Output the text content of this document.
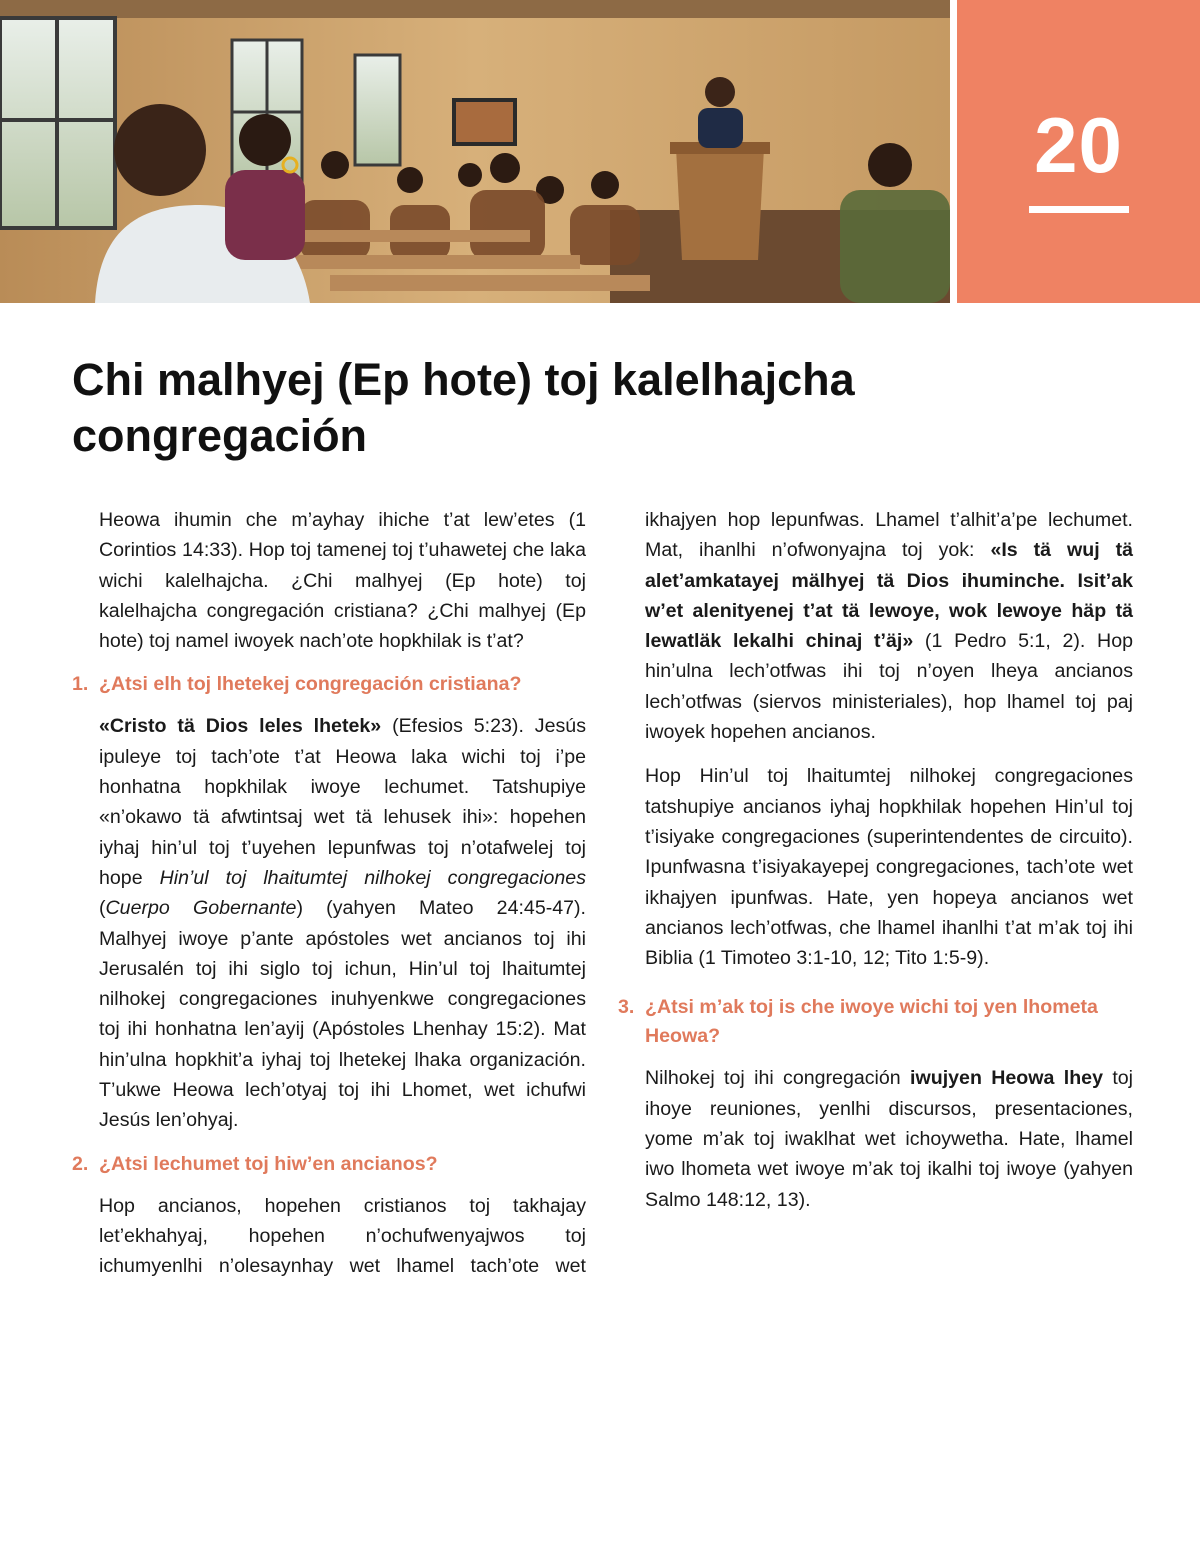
20
Chi malhyej (Ep hote) toj kalelhajcha congregación

Heowa ihumin che m’ayhay ihiche t’at lew’etes (1 Corintios 14:33). Hop toj tamenej toj t’uhawetej che laka wichi kalelhajcha. ¿Chi malhyej (Ep hote) toj kalelhajcha congregación cristiana? ¿Chi malhyej (Ep hote) toj namel iwoyek nach’ote hopkhilak is t’at?

1. ¿Atsi elh toj lhetekej congregación cristiana?

«Cristo tä Dios leles lhetek» (Efesios 5:23). Jesús ipuleye toj tach’ote t’at Heowa laka wichi toj i’pe honhatna hopkhilak iwoye lechumet. Tatshupiye «n’okawo tä afwtintsaj wet tä lehusek ihi»: hopehen iyhaj hin’ul toj t’uyehen lepunfwas toj n’otafwelej toj hope Hin’ul toj lhaitumtej nilhokej congregaciones (Cuerpo Gobernante) (yahyen Mateo 24:45-47). Malhyej iwoye p’ante apóstoles wet ancianos toj ihi Jerusalén toj ihi siglo toj ichun, Hin’ul toj lhaitumtej nilhokej congregaciones inuhyenkwe congregaciones toj ihi honhatna len’ayij (Apóstoles Lhenhay 15:2). Mat hin’ulna hopkhit’a iyhaj toj lhetekej lhaka organización. T’ukwe Heowa lech’otyaj toj ihi Lhomet, wet ichufwi Jesús len’ohyaj.

2. ¿Atsi lechumet toj hiw’en ancianos?

Hop ancianos, hopehen cristianos toj takhajay let’ekhahyaj, hopehen n’ochufwenyajwos toj ichumyenlhi n’olesaynhay wet lhamel tach’ote wet

ikhajyen hop lepunfwas. Lhamel t’alhit’a’pe lechumet. Mat, ihanlhi n’ofwonyajna toj yok: «Is tä wuj tä alet’amkatayej mälhyej tä Dios ihuminche. Isit’ak w’et alenityenej t’at tä lewoye, wok lewoye häp tä lewatläk lekalhi chinaj t’äj» (1 Pedro 5:1, 2). Hop hin’ulna lech’otfwas ihi toj n’oyen lheya ancianos lech’otfwas (siervos ministeriales), hop lhamel toj paj iwoyek hopehen ancianos.

Hop Hin’ul toj lhaitumtej nilhokej congregaciones tatshupiye ancianos iyhaj hopkhilak hopehen Hin’ul toj t’isiyake congregaciones (superintendentes de circuito). Ipunfwasna t’isiyakayepej congregaciones, tach’ote wet ikhajyen ipunfwas. Hate, yen hopeya ancianos wet ancianos lech’otfwas, che lhamel ihanlhi t’at m’ak toj ihi Biblia (1 Timoteo 3:1-10, 12; Tito 1:5-9).

3. ¿Atsi m’ak toj is che iwoye wichi toj yen lhometa Heowa?

Nilhokej toj ihi congregación iwujyen Heowa lhey toj ihoye reuniones, yenlhi discursos, presentaciones, yome m’ak toj iwaklhat wet ichoywetha. Hate, lhamel iwo lhometa wet iwoye m’ak toj ikalhi toj iwoye (yahyen Salmo 148:12, 13).
